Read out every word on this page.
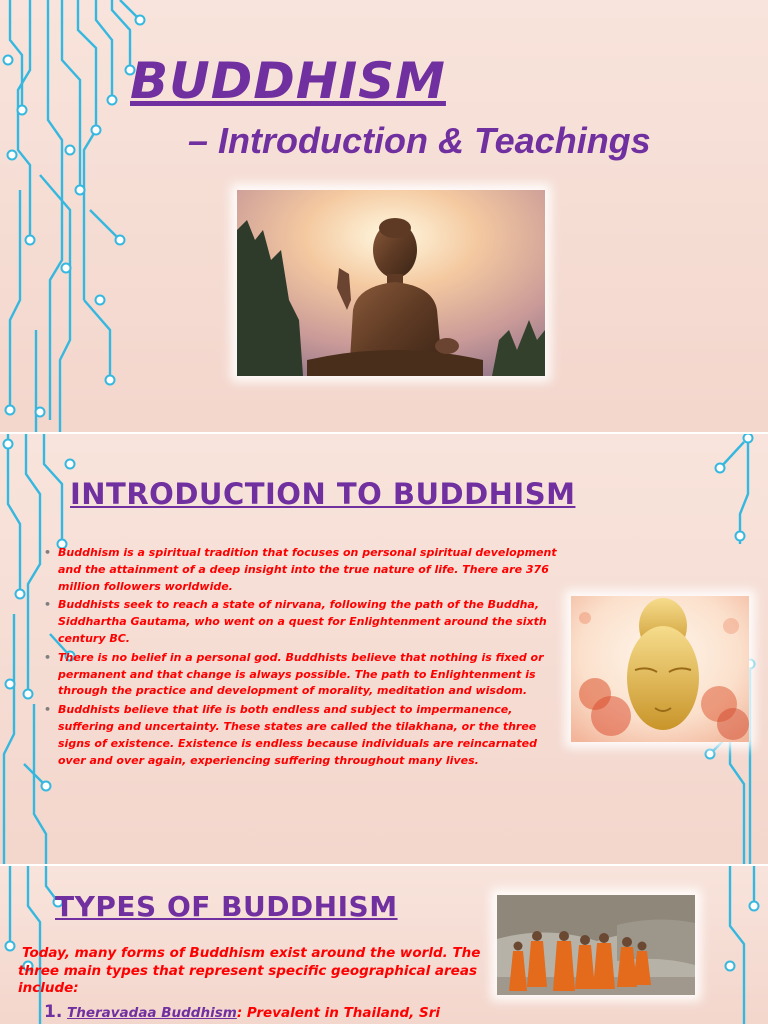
BUDDHISM
– Introduction & Teachings
INTRODUCTION TO BUDDHISM
• Buddhism is a spiritual tradition that focuses on personal spiritual development and the attainment of a deep insight into the true nature of life. There are 376 million followers worldwide.
• Buddhists seek to reach a state of nirvana, following the path of the Buddha, Siddhartha Gautama, who went on a quest for Enlightenment around the sixth century BC.
• There is no belief in a personal god. Buddhists believe that nothing is fixed or permanent and that change is always possible. The path to Enlightenment is through the practice and development of morality, meditation and wisdom.
• Buddhists believe that life is both endless and subject to impermanence, suffering and uncertainty. These states are called the tilakhana, or the three signs of existence. Existence is endless because individuals are reincarnated over and over again, experiencing suffering throughout many lives.
TYPES OF BUDDHISM

Today, many forms of Buddhism exist around the world. The three main types that represent specific geographical areas include:

1. Theravadaa Buddhism: Prevalent in Thailand, Sri
